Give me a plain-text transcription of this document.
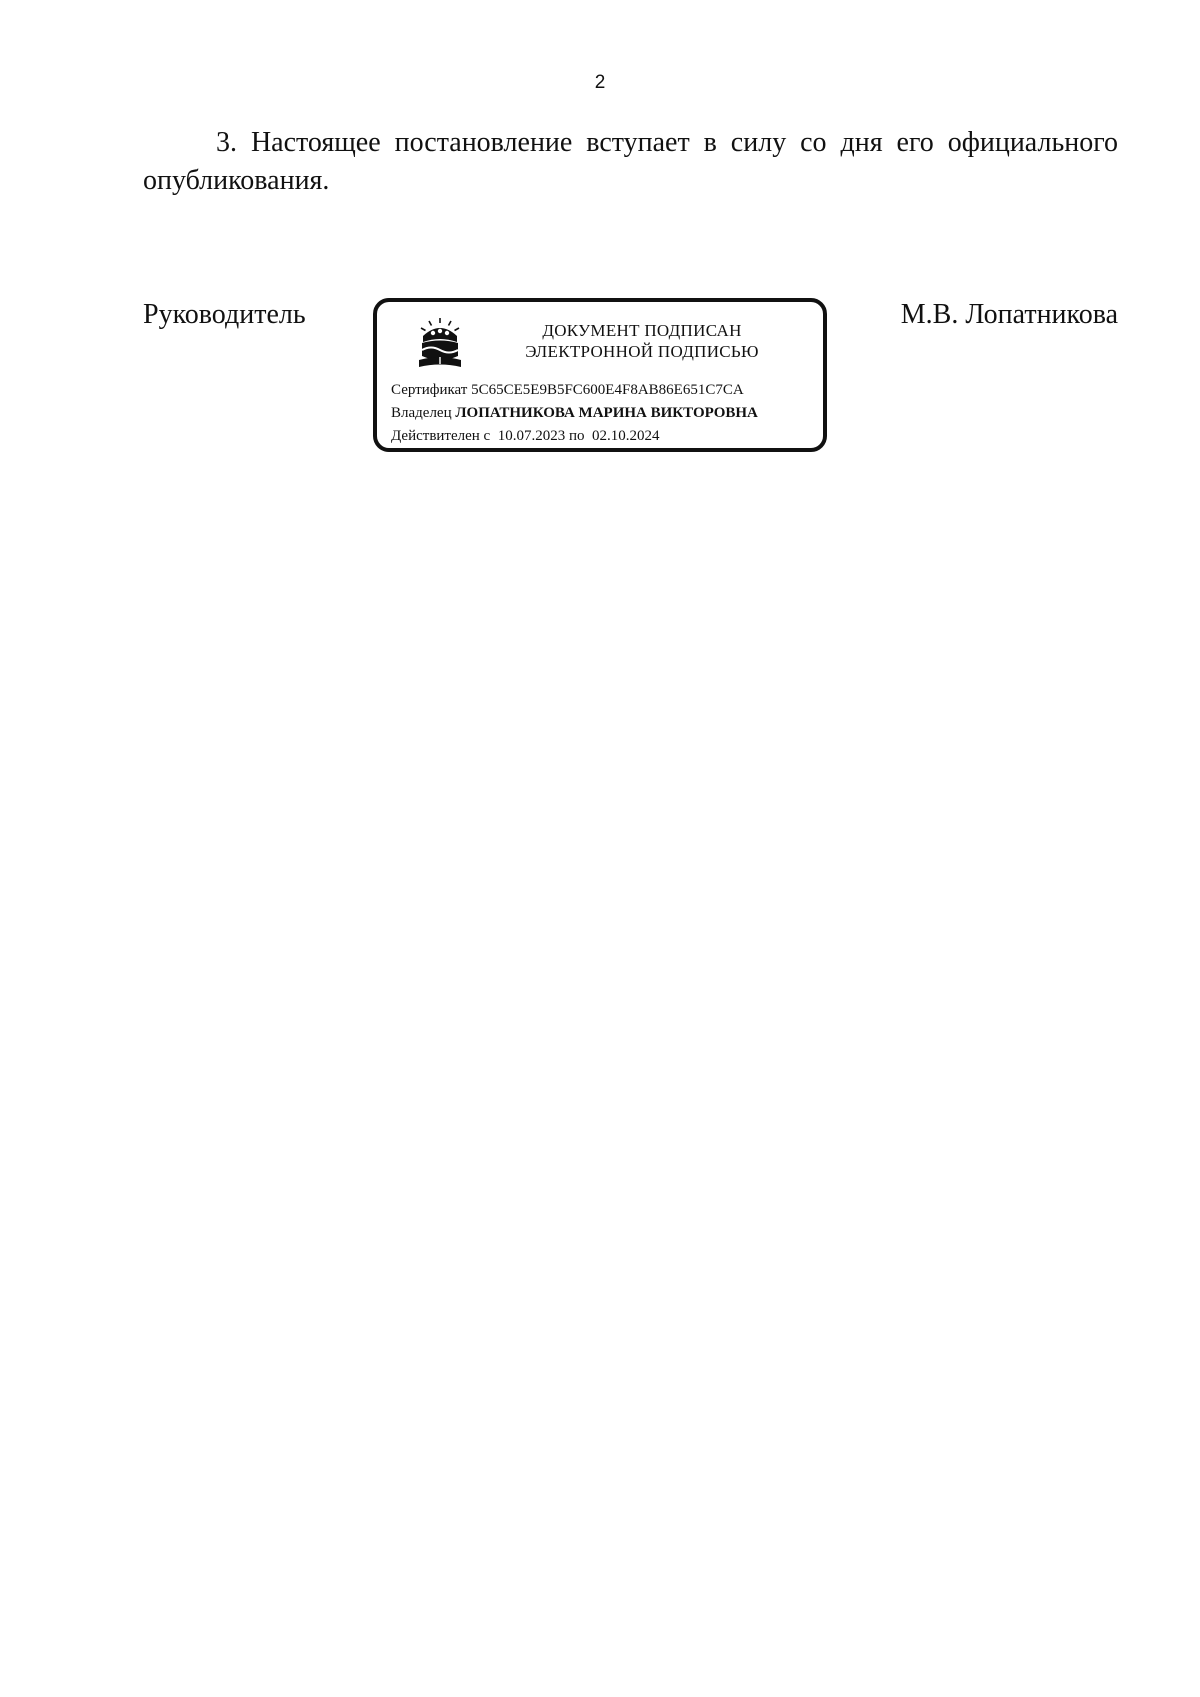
2

3. Настоящее постановление вступает в силу со дня его официального опубликования.

Руководитель
ДОКУМЕНТ ПОДПИСАН
ЭЛЕКТРОННОЙ ПОДПИСЬЮ
Сертификат 5C65CE5E9B5FC600E4F8AB86E651C7CA
Владелец ЛОПАТНИКОВА МАРИНА ВИКТОРОВНА
Действителен с 10.07.2023 по 02.10.2024
М.В. Лопатникова
